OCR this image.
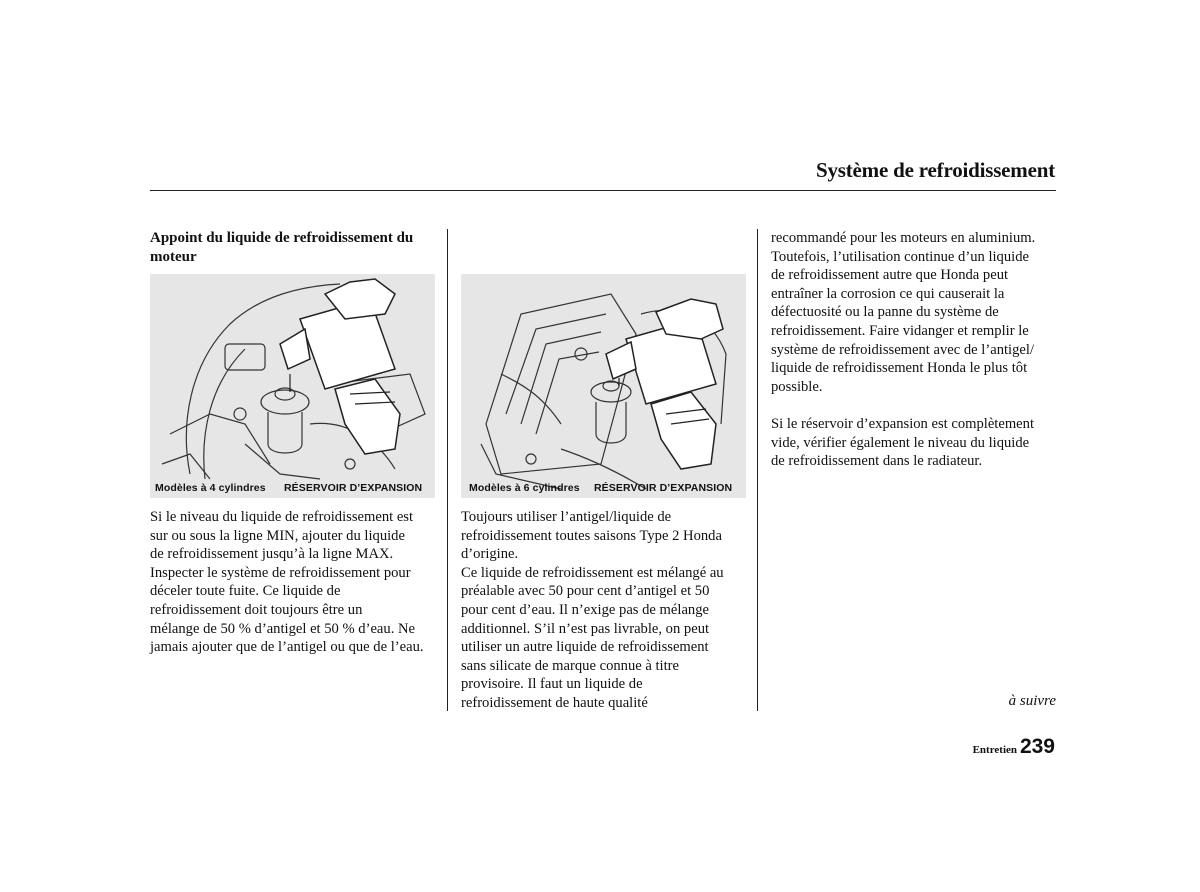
Système de refroidissement
Appoint du liquide de refroidissement du moteur
Modèles à 4 cylindres RÉSERVOIR D’EXPANSION	Modèles à 6 cylindres RÉSERVOIR D’EXPANSION

Si le niveau du liquide de refroidissement est

sur ou sous la ligne MIN, ajouter du liquide

de refroidissement jusqu’à la ligne MAX.

Inspecter le système de refroidissement pour

déceler toute fuite. Ce liquide de

refroidissement doit toujours être un

mélange de 50 % d’antigel et 50 % d’eau. Ne

jamais ajouter que de l’antigel ou que de l’eau.

Toujours utiliser l’antigel/liquide de

refroidissement toutes saisons Type 2 Honda

d’origine.

Ce liquide de refroidissement est mélangé au

préalable avec 50 pour cent d’antigel et 50

pour cent d’eau. Il n’exige pas de mélange

additionnel. S’il n’est pas livrable, on peut

utiliser un autre liquide de refroidissement

sans silicate de marque connue à titre

provisoire. Il faut un liquide de

refroidissement de haute qualité

recommandé pour les moteurs en aluminium.

Toutefois, l’utilisation continue d’un liquide

de refroidissement autre que Honda peut

entraîner la corrosion ce qui causerait la

défectuosité ou la panne du système de

refroidissement. Faire vidanger et remplir le

système de refroidissement avec de l’antigel/

liquide de refroidissement Honda le plus tôt

possible.

Si le réservoir d’expansion est complètement

vide, vérifier également le niveau du liquide

de refroidissement dans le radiateur.

à suivre
Entretien 239
